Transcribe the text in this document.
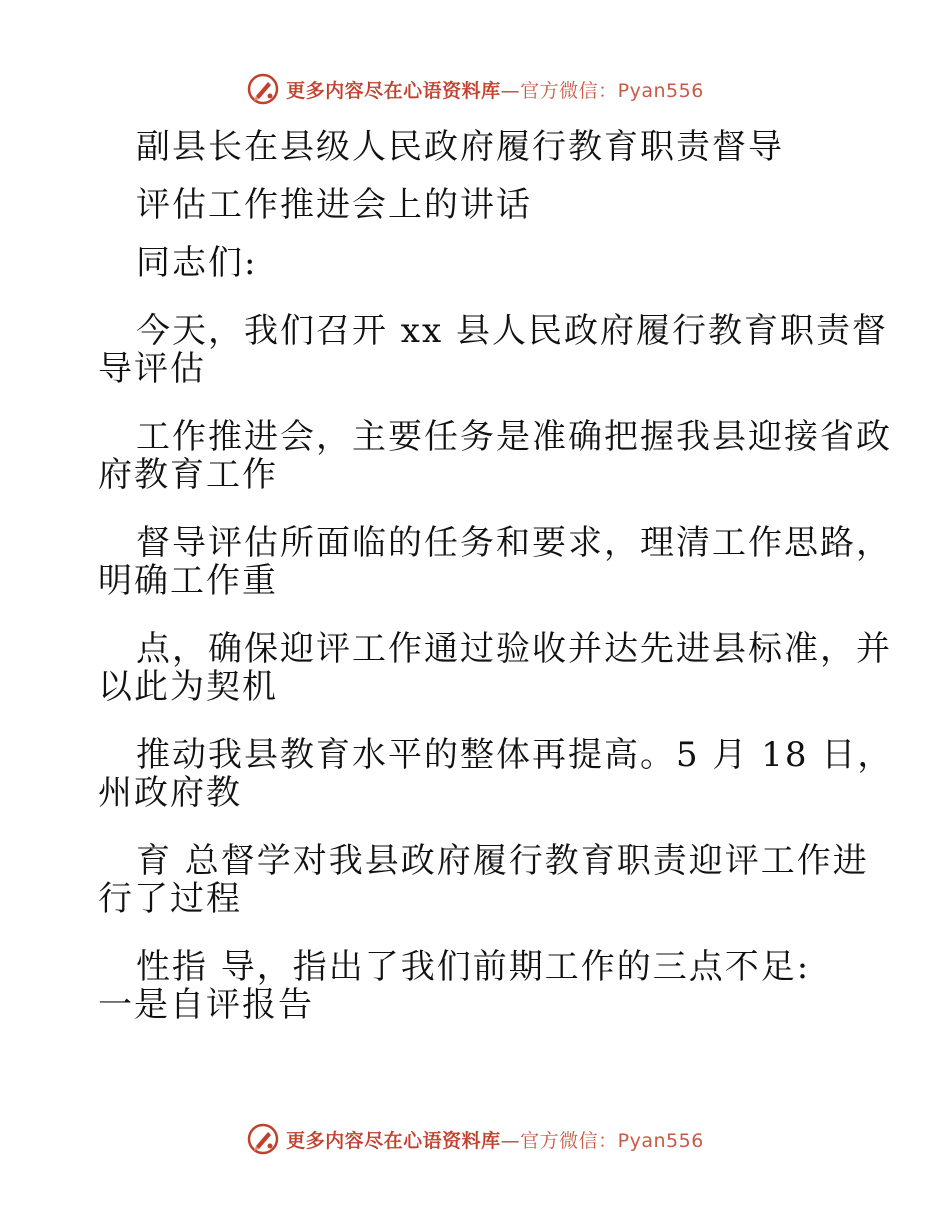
更多内容尽在心语资料库—官方微信：Pyan556

副县长在县级人民政府履行教育职责督导

评估工作推进会上的讲话

同志们:

今天，我们召开 xx 县人民政府履行教育职责督

导评估

工作推进会，主要任务是准确把握我县迎接省政

府教育工作

督导评估所面临的任务和要求，理清工作思路，

明确工作重

点，确保迎评工作通过验收并达先进县标准，并

以此为契机

推动我县教育水平的整体再提高。5 月 18 日，

州政府教

育 总督学对我县政府履行教育职责迎评工作进

行了过程

性指 导，指出了我们前期工作的三点不足:

一是自评报告

更多内容尽在心语资料库—官方微信：Pyan556
